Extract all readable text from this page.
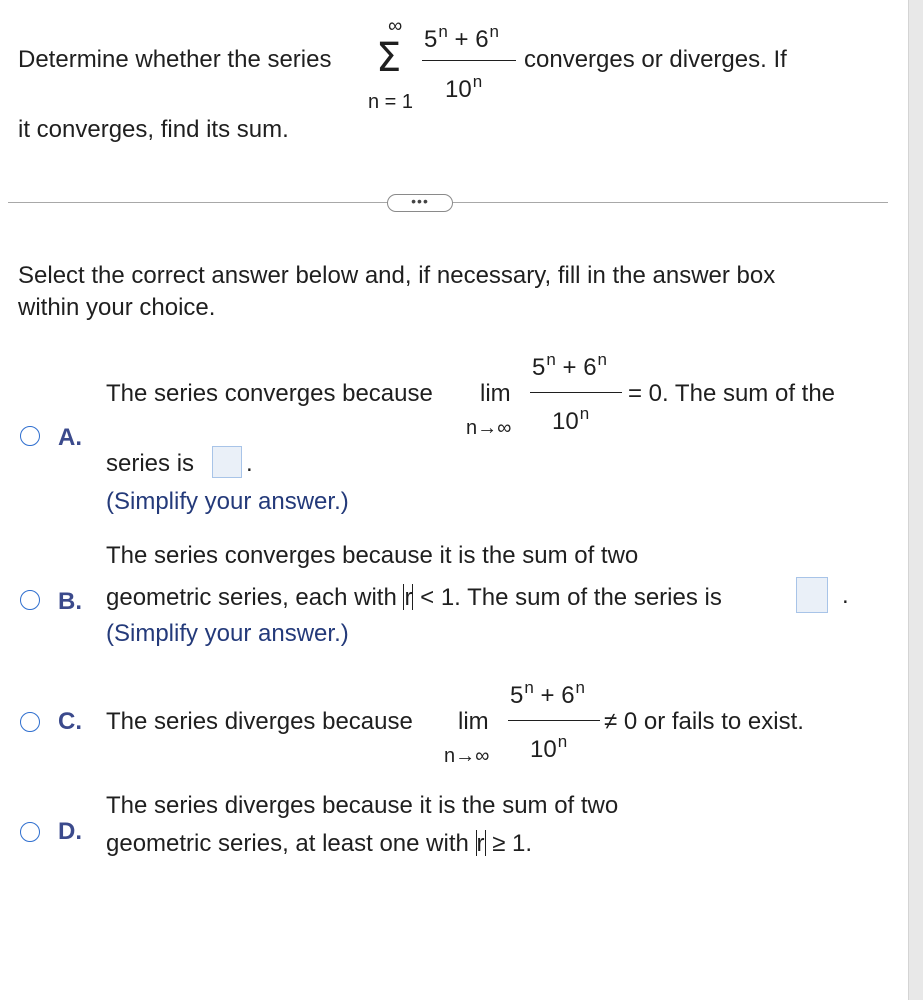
Determine whether the series
∞
Σ
n = 1
$5^n + 6^n$
10$^n$
converges or diverges. If
it converges, find its sum.
•••
Select the correct answer below and, if necessary, fill in the answer box
within your choice.
A.
The series converges because lim
n→∞
$5^n + 6^n$
$10^n$
= 0. The sum of the
series is .
(Simplify your answer.)
B.
The series converges because it is the sum of two
geometric series, each with r < 1. The sum of the series is	.
(Simplify your answer.)
C. The series diverges because lim
n→∞
$5^n + 6^n$
$10^n$
≠ 0 or fails to exist.
D.
The series diverges because it is the sum of two
geometric series, at least one with r ≥ 1.
